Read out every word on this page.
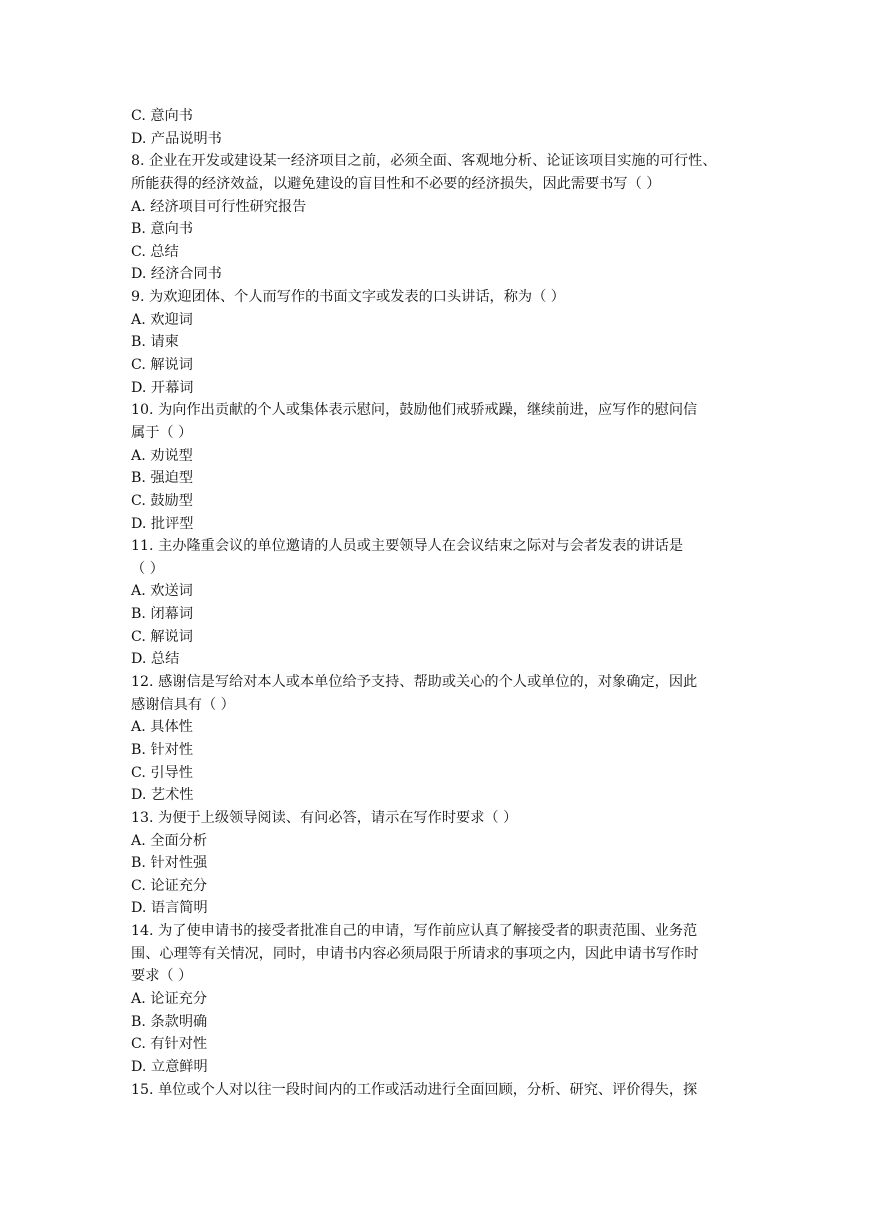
C. 意向书
D. 产品说明书
8. 企业在开发或建设某一经济项目之前，必须全面、客观地分析、论证该项目实施的可行性、
所能获得的经济效益，以避免建设的盲目性和不必要的经济损失，因此需要书写（ ）
A. 经济项目可行性研究报告
B. 意向书
C. 总结
D. 经济合同书
9. 为欢迎团体、个人而写作的书面文字或发表的口头讲话，称为（ ）
A. 欢迎词
B. 请柬
C. 解说词
D. 开幕词
10. 为向作出贡献的个人或集体表示慰问，鼓励他们戒骄戒躁，继续前进，应写作的慰问信
属于（ ）
A. 劝说型
B. 强迫型
C. 鼓励型
D. 批评型
11. 主办隆重会议的单位邀请的人员或主要领导人在会议结束之际对与会者发表的讲话是
（ ）
A. 欢送词
B. 闭幕词
C. 解说词
D. 总结
12. 感谢信是写给对本人或本单位给予支持、帮助或关心的个人或单位的，对象确定，因此
感谢信具有（ ）
A. 具体性
B. 针对性
C. 引导性
D. 艺术性
13. 为便于上级领导阅读、有问必答，请示在写作时要求（ ）
A. 全面分析
B. 针对性强
C. 论证充分
D. 语言简明
14. 为了使申请书的接受者批准自己的申请，写作前应认真了解接受者的职责范围、业务范
围、心理等有关情况，同时，申请书内容必须局限于所请求的事项之内，因此申请书写作时
要求（ ）
A. 论证充分
B. 条款明确
C. 有针对性
D. 立意鲜明
15. 单位或个人对以往一段时间内的工作或活动进行全面回顾，分析、研究、评价得失，探
